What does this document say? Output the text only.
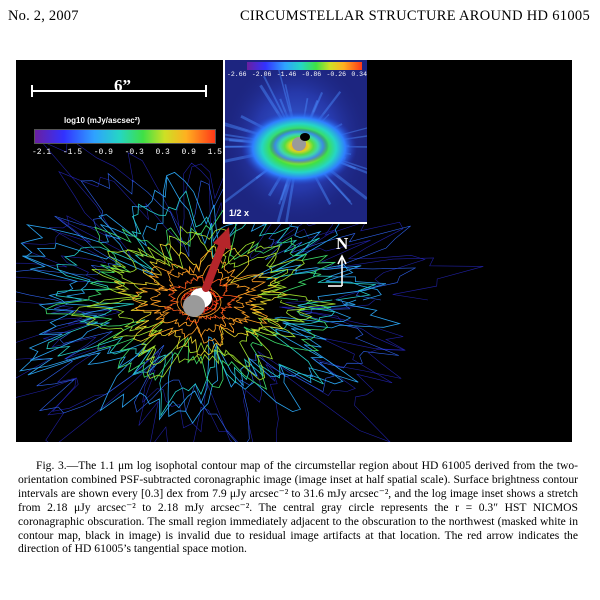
No. 2, 2007	CIRCUMSTELLAR STRUCTURE AROUND HD 61005
6”
log10 (mJy/ascsec²)
-2.1 -1.5 -0.9 -0.3 0.3 0.9 1.5
-2.66 -2.06 -1.46 -0.86 -0.26 0.34
1/2 x
N
Fig. 3.—The 1.1 μm log isophotal contour map of the circumstellar region about HD 61005 derived from the two-orientation combined PSF-subtracted coronagraphic image (image inset at half spatial scale). Surface brightness contour intervals are shown every [0.3] dex from 7.9 μJy arcsec⁻² to 31.6 mJy arcsec⁻², and the log image inset shows a stretch from 2.18 μJy arcsec⁻² to 2.18 mJy arcsec⁻². The central gray circle represents the r = 0.3″ HST NICMOS coronagraphic obscuration. The small region immediately adjacent to the obscuration to the northwest (masked white in contour map, black in image) is invalid due to residual image artifacts at that location. The red arrow indicates the direction of HD 61005’s tangential space motion.
